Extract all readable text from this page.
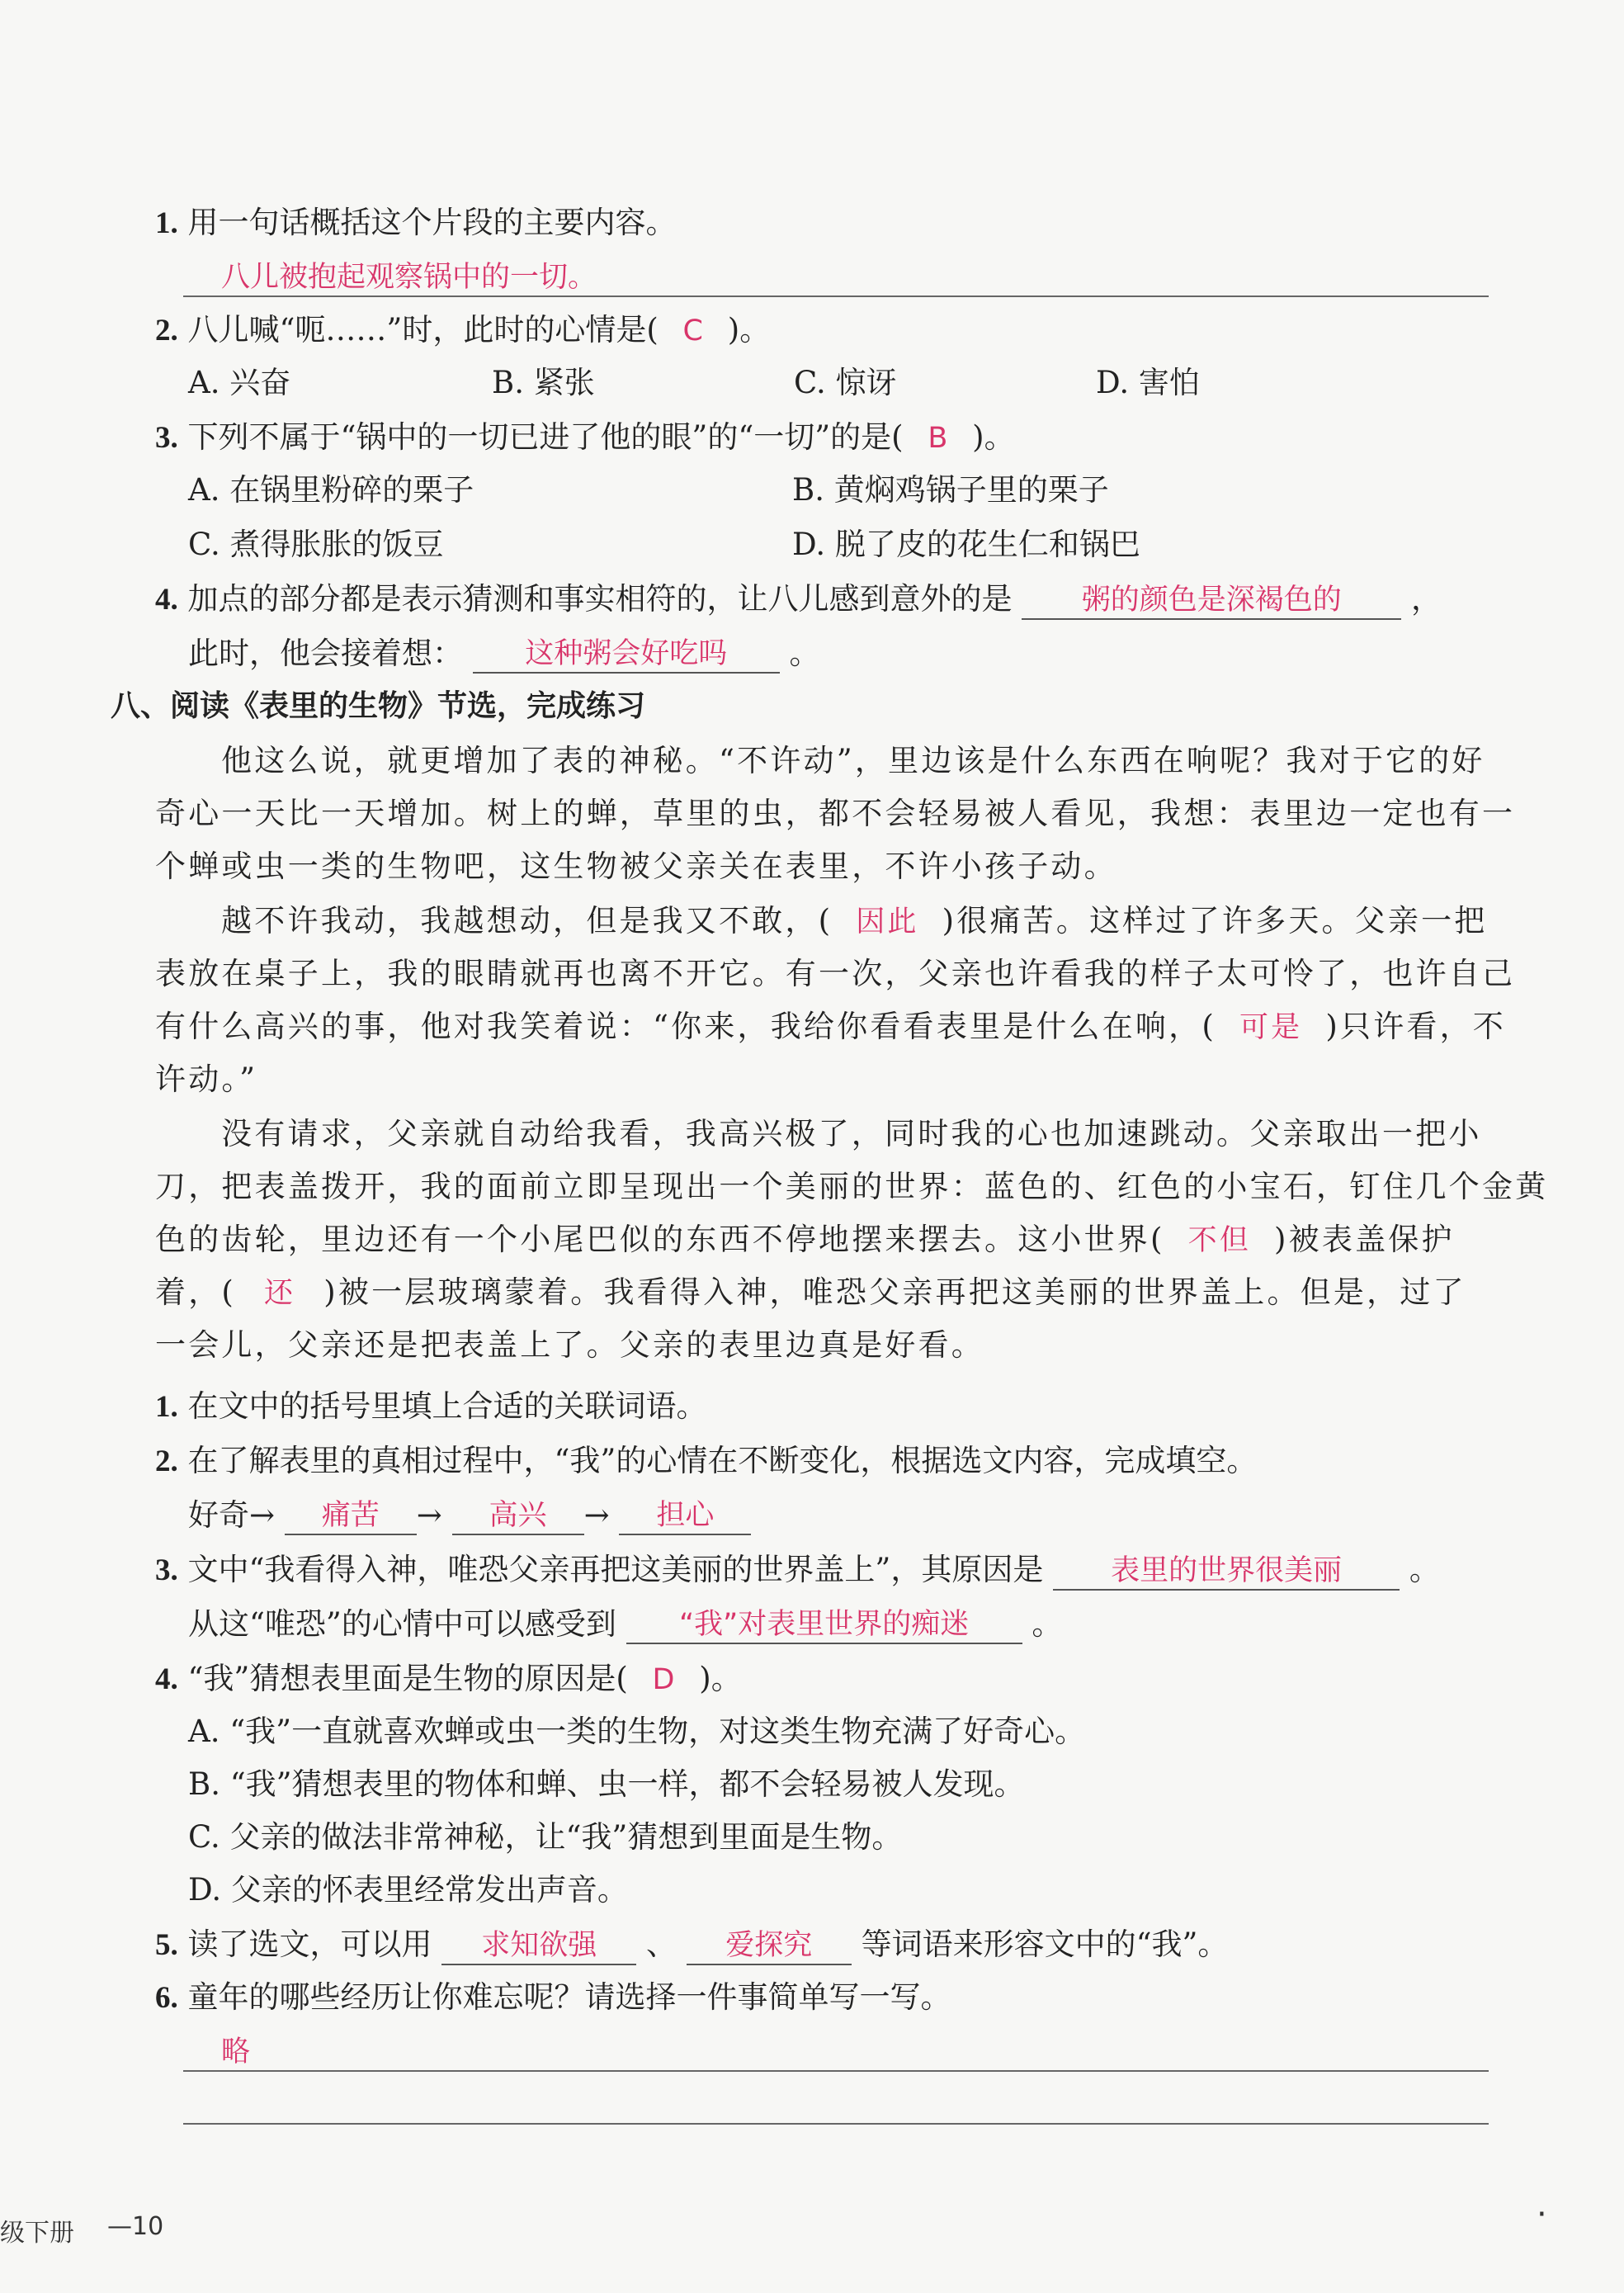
1. 用一句话概括这个片段的主要内容。
八儿被抱起观察锅中的一切。
2. 八儿喊“呃……”时，此时的心情是( C )。
A. 兴奋	B. 紧张	C. 惊讶	D. 害怕
3. 下列不属于“锅中的一切已进了他的眼”的“一切”的是( B )。
A. 在锅里粉碎的栗子	B. 黄焖鸡锅子里的栗子
C. 煮得胀胀的饭豆	D. 脱了皮的花生仁和锅巴
4. 加点的部分都是表示猜测和事实相符的，让八儿感到意外的是 粥的颜色是深褐色的 ，
此时，他会接着想： 这种粥会好吃吗 。
八、阅读《表里的生物》节选，完成练习
他这么说，就更增加了表的神秘。“不许动”，里边该是什么东西在响呢？我对于它的好
奇心一天比一天增加。树上的蝉，草里的虫，都不会轻易被人看见，我想：表里边一定也有一
个蝉或虫一类的生物吧，这生物被父亲关在表里，不许小孩子动。
越不许我动，我越想动，但是我又不敢，( 因此 )很痛苦。这样过了许多天。父亲一把
表放在桌子上，我的眼睛就再也离不开它。有一次，父亲也许看我的样子太可怜了，也许自己
有什么高兴的事，他对我笑着说：“你来，我给你看看表里是什么在响，( 可是 )只许看，不
许动。”
没有请求，父亲就自动给我看，我高兴极了，同时我的心也加速跳动。父亲取出一把小
刀，把表盖拨开，我的面前立即呈现出一个美丽的世界：蓝色的、红色的小宝石，钉住几个金黄
色的齿轮，里边还有一个小尾巴似的东西不停地摆来摆去。这小世界( 不但 )被表盖保护
着，( 还 )被一层玻璃蒙着。我看得入神，唯恐父亲再把这美丽的世界盖上。但是，过了
一会儿，父亲还是把表盖上了。父亲的表里边真是好看。
1. 在文中的括号里填上合适的关联词语。
2. 在了解表里的真相过程中，“我”的心情在不断变化，根据选文内容，完成填空。
好奇→ 痛苦 → 高兴 → 担心
3. 文中“我看得入神，唯恐父亲再把这美丽的世界盖上”，其原因是 表里的世界很美丽 。
从这“唯恐”的心情中可以感受到 “我”对表里世界的痴迷 。
4. “我”猜想表里面是生物的原因是( D )。
A. “我”一直就喜欢蝉或虫一类的生物，对这类生物充满了好奇心。
B. “我”猜想表里的物体和蝉、虫一样，都不会轻易被人发现。
C. 父亲的做法非常神秘，让“我”猜想到里面是生物。
D. 父亲的怀表里经常发出声音。
5. 读了选文，可以用 求知欲强 、 爱探究 等词语来形容文中的“我”。
6. 童年的哪些经历让你难忘呢？请选择一件事简单写一写。
略
级下册 —10	·
